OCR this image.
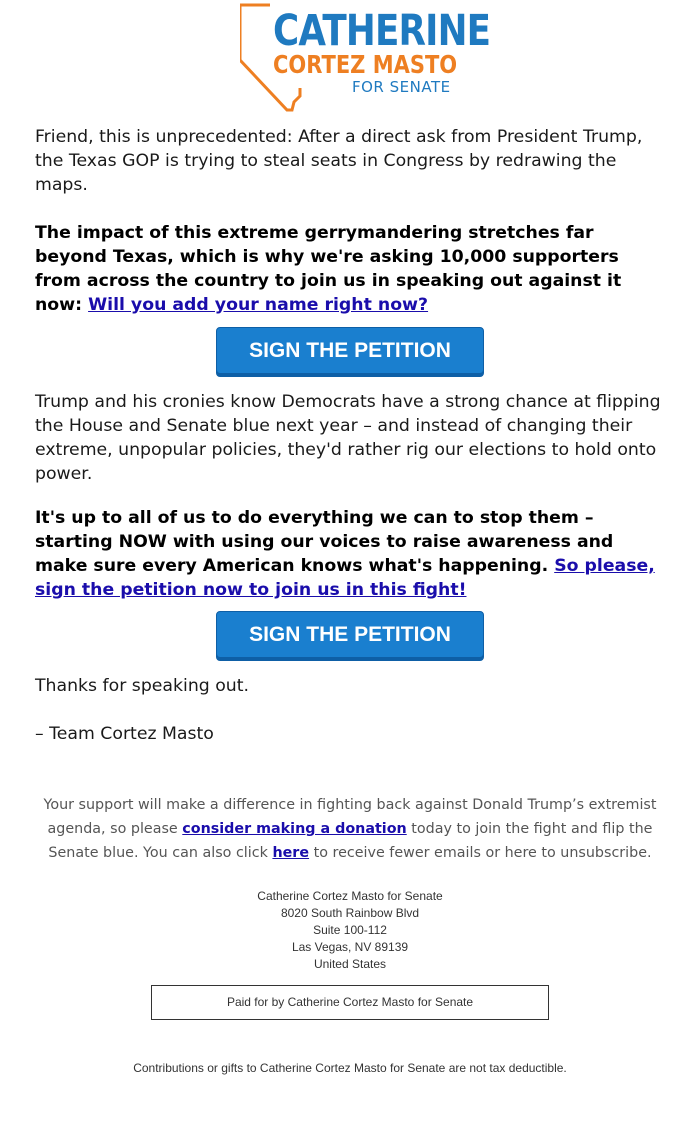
CATHERINE
CORTEZ MASTO
FOR SENATE

Friend, this is unprecedented: After a direct ask from President Trump, the Texas GOP is trying to steal seats in Congress by redrawing the maps.

The impact of this extreme gerrymandering stretches far beyond Texas, which is why we're asking 10,000 supporters from across the country to join us in speaking out against it now: Will you add your name right now?

SIGN THE PETITION

Trump and his cronies know Democrats have a strong chance at flipping the House and Senate blue next year – and instead of changing their extreme, unpopular policies, they'd rather rig our elections to hold onto power.

It's up to all of us to do everything we can to stop them – starting NOW with using our voices to raise awareness and make sure every American knows what's happening. So please, sign the petition now to join us in this fight!

SIGN THE PETITION

Thanks for speaking out.

– Team Cortez Masto

Your support will make a difference in fighting back against Donald Trump’s extremist agenda, so please consider making a donation today to join the fight and flip the Senate blue. You can also click here to receive fewer emails or here to unsubscribe.

Catherine Cortez Masto for Senate
8020 South Rainbow Blvd
Suite 100-112
Las Vegas, NV 89139
United States
Paid for by Catherine Cortez Masto for Senate
Contributions or gifts to Catherine Cortez Masto for Senate are not tax deductible.
